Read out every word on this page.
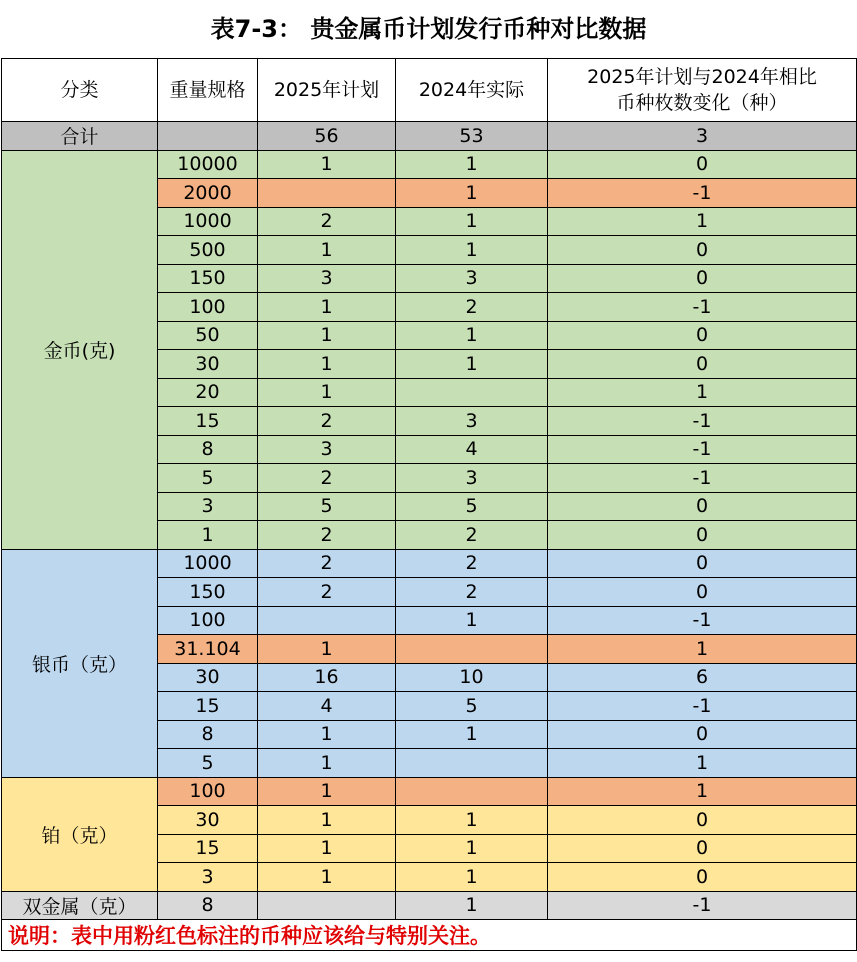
表7-3： 贵金属币计划发行币种对比数据
分类	重量规格	2025年计划	2024年实际	2025年计划与2024年相比
币种枚数变化（种）
合计		56	53	3
金币(克)	10000	1	1	0
	2000		1	-1
	1000	2	1	1
	500	1	1	0
	150	3	3	0
	100	1	2	-1
	50	1	1	0
	30	1	1	0
	20	1		1
	15	2	3	-1
	8	3	4	-1
	5	2	3	-1
	3	5	5	0
	1	2	2	0
银币（克）	1000	2	2	0
	150	2	2	0
	100		1	-1
	31.104	1		1
	30	16	10	6
	15	4	5	-1
	8	1	1	0
	5	1		1
铂（克）	100	1		1
	30	1	1	0
	15	1	1	0
	3	1	1	0
双金属（克）	8		1	-1
说明：表中用粉红色标注的币种应该给与特别关注。				
